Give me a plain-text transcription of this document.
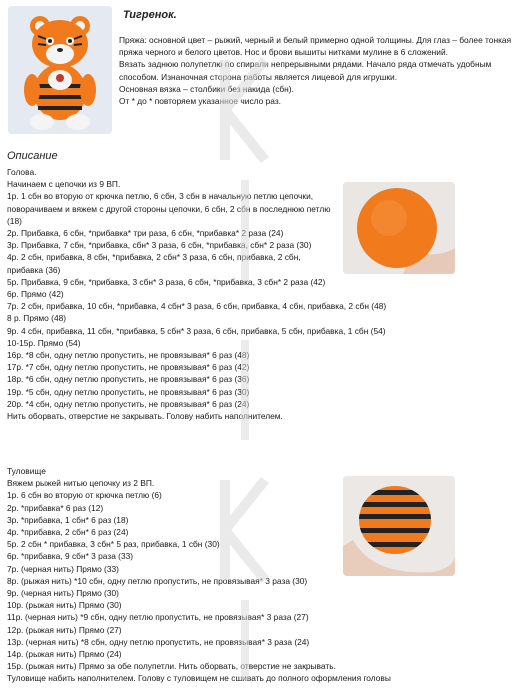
Тигренок.

Пряжа: основной цвет – рыжий, черный и белый примерно одной толщины. Для глаз – более тонкая пряжа черного и белого цветов. Нос и брови вышиты нитками мулине в 6 сложений.

Вязать заднюю полупетлю по спирали непрерывными рядами. Начало ряда отмечать удобным способом. Изнаночная сторона работы является лицевой для игрушки.

Основная вязка – столбики без накида (сбн).

От * до * повторяем указанное число раз.

Описание

Голова.

Начинаем с цепочки из 9 ВП.

1р. 1 сбн во вторую от крючка петлю, 6 сбн, 3 сбн в начальную петлю цепочки, поворачиваем и вяжем с другой стороны цепочки, 6 сбн, 2 сбн в последнюю петлю (18)

2р. Прибавка, 6 сбн, *прибавка* три раза, 6 сбн, *прибавка* 2 раза (24)

3р. Прибавка, 7 сбн, *прибавка, сбн* 3 раза, 6 сбн, *прибавка, сбн* 2 раза (30)

4р. 2 сбн, прибавка, 8 сбн, *прибавка, 2 сбн* 3 раза, 6 сбн, прибавка, 2 сбн, прибавка (36)

5р. Прибавка, 9 сбн, *прибавка, 3 сбн* 3 раза, 6 сбн, *прибавка, 3 сбн* 2 раза (42)

6р. Прямо (42)

7р. 2 сбн, прибавка, 10 сбн, *прибавка, 4 сбн* 3 раза, 6 сбн, прибавка, 4 сбн, прибавка, 2 сбн (48)

8 р. Прямо (48)

9р. 4 сбн, прибавка, 11 сбн, *прибавка, 5 сбн* 3 раза, 6 сбн, прибавка, 5 сбн, прибавка, 1 сбн (54)

10-15р. Прямо (54)

16р. *8 сбн, одну петлю пропустить, не провязывая* 6 раз (48)

17р. *7 сбн, одну петлю пропустить, не провязывая* 6 раз (42)

18р. *6 сбн, одну петлю пропустить, не провязывая* 6 раз (36)

19р. *5 сбн, одну петлю пропустить, не провязывая* 6 раз (30)

20р. *4 сбн, одну петлю пропустить, не провязывая* 6 раз (24)

Нить оборвать, отверстие не закрывать. Голову набить наполнителем.

Туловище

Вяжем рыжей нитью цепочку из 2 ВП.

1р. 6 сбн во вторую от крючка петлю (6)

2р. *прибавка* 6 раз (12)

3р. *прибавка, 1 сбн* 6 раз (18)

4р. *прибавка, 2 сбн* 6 раз (24)

5р. 2 сбн * прибавка, 3 сбн* 5 раз, прибавка, 1 сбн (30)

6р. *прибавка, 9 сбн* 3 раза (33)

7р. (черная нить) Прямо (33)

8р. (рыжая нить) *10 сбн, одну петлю пропустить, не провязывая* 3 раза (30)

9р. (черная нить) Прямо (30)

10р. (рыжая нить) Прямо (30)

11р. (черная нить) *9 сбн, одну петлю пропустить, не провязывая* 3 раза (27)

12р. (рыжая нить) Прямо (27)

13р. (черная нить) *8 сбн, одну петлю пропустить, не провязывая* 3 раза (24)

14р. (рыжая нить) Прямо (24)

15р. (рыжая нить) Прямо за обе полупетли. Нить оборвать, отверстие не закрывать.

Туловище набить наполнителем. Голову с туловищем не сшивать до полного оформления головы
